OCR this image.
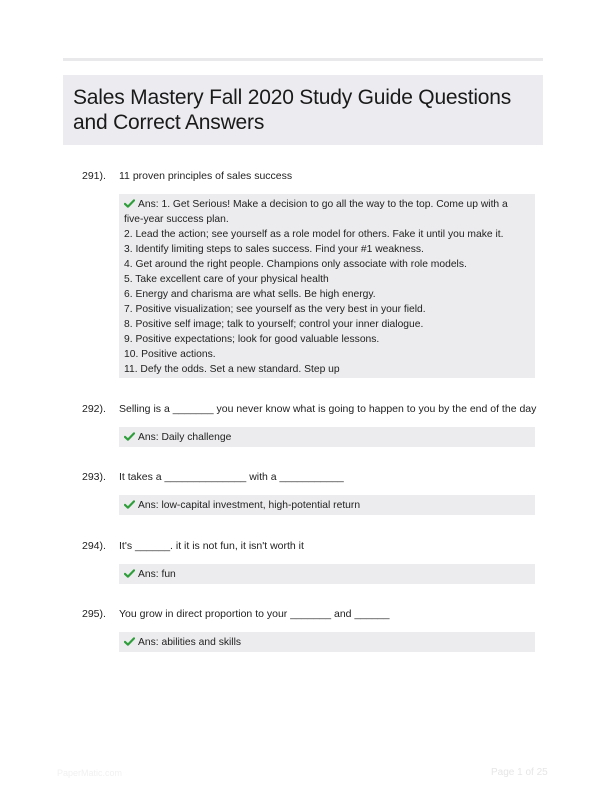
Sales Mastery Fall 2020 Study Guide Questions and Correct Answers
291). 11 proven principles of sales success
Ans: 1. Get Serious! Make a decision to go all the way to the top. Come up with a five-year success plan.
2. Lead the action; see yourself as a role model for others. Fake it until you make it.
3. Identify limiting steps to sales success. Find your #1 weakness.
4. Get around the right people. Champions only associate with role models.
5. Take excellent care of your physical health
6. Energy and charisma are what sells. Be high energy.
7. Positive visualization; see yourself as the very best in your field.
8. Positive self image; talk to yourself; control your inner dialogue.
9. Positive expectations; look for good valuable lessons.
10. Positive actions.
11. Defy the odds. Set a new standard. Step up
292). Selling is a _______ you never know what is going to happen to you by the end of the day
Ans: Daily challenge
293). It takes a ______________ with a ___________
Ans: low-capital investment, high-potential return
294). It's ______. it it is not fun, it isn't worth it
Ans: fun
295). You grow in direct proportion to your _______ and ______
Ans: abilities and skills
PaperMatic.com	Page 1 of 25
